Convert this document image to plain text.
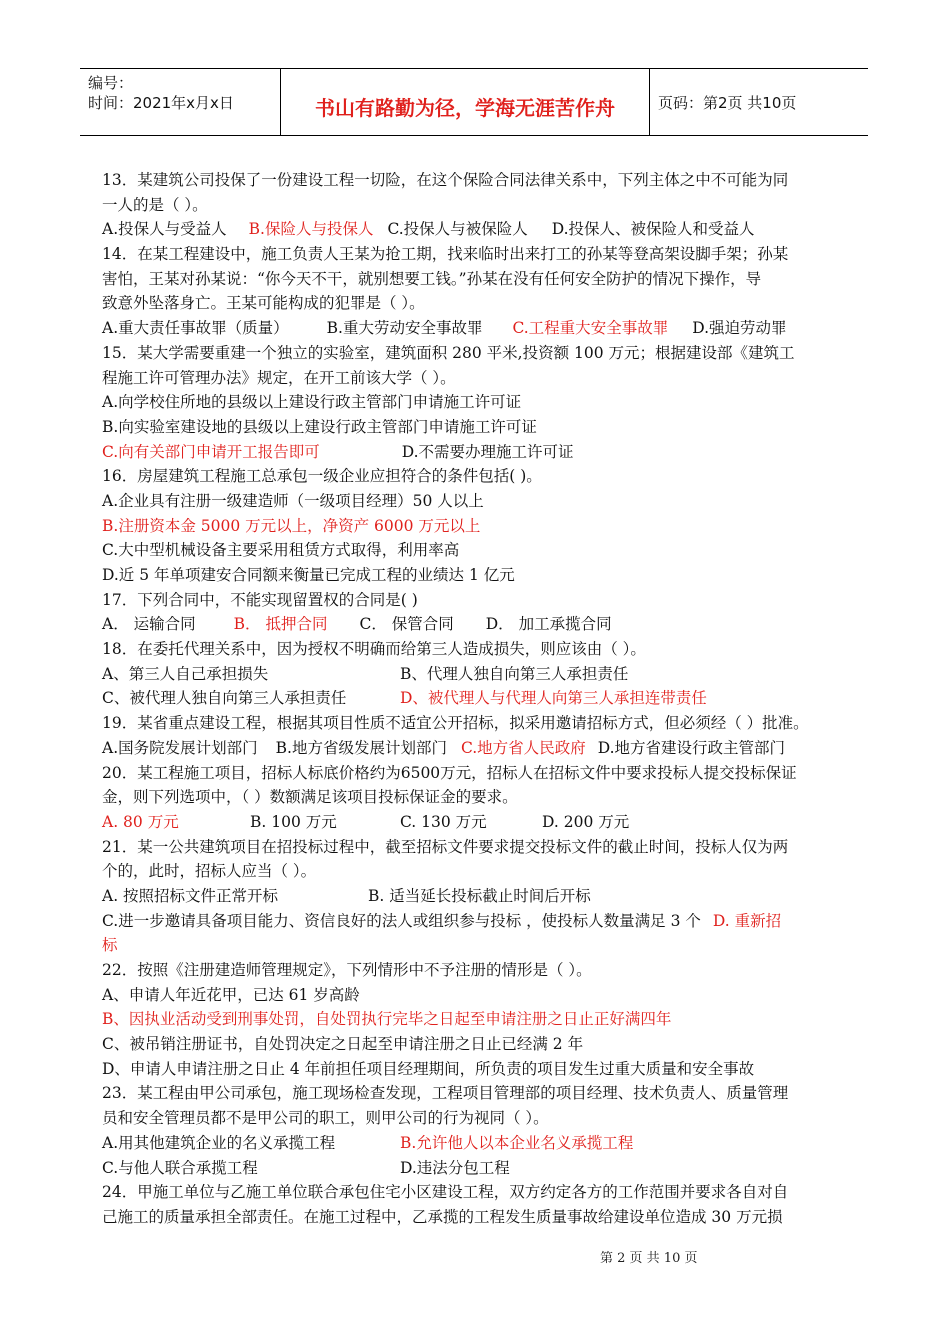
编号：
时间：2021年x月x日	书山有路勤为径，学海无涯苦作舟	页码：第2页 共10页
13．某建筑公司投保了一份建设工程一切险，在这个保险合同法律关系中，下列主体之中不可能为同
一人的是（ ）。
A.投保人与受益人 B.保险人与投保人 C.投保人与被保险人 D.投保人、被保险人和受益人
14．在某工程建设中，施工负责人王某为抢工期，找来临时出来打工的孙某等登高架设脚手架；孙某
害怕，王某对孙某说：“你今天不干，就别想要工钱。”孙某在没有任何安全防护的情况下操作，导
致意外坠落身亡。王某可能构成的犯罪是（ ）。
A.重大责任事故罪（质量） B.重大劳动安全事故罪 C.工程重大安全事故罪 D.强迫劳动罪
15．某大学需要重建一个独立的实验室，建筑面积 280 平米,投资额 100 万元；根据建设部《建筑工
程施工许可管理办法》规定，在开工前该大学（ ）。
A.向学校住所地的县级以上建设行政主管部门申请施工许可证
B.向实验室建设地的县级以上建设行政主管部门申请施工许可证
C.向有关部门申请开工报告即可	D.不需要办理施工许可证
16．房屋建筑工程施工总承包一级企业应担符合的条件包括( )。
A.企业具有注册一级建造师（一级项目经理）50 人以上
B.注册资本金 5000 万元以上，净资产 6000 万元以上
C.大中型机械设备主要采用租赁方式取得，利用率高
D.近 5 年单项建安合同额来衡量已完成工程的业绩达 1 亿元
17．下列合同中，不能实现留置权的合同是( )
A． 运输合同 B． 抵押合同 C． 保管合同 D． 加工承揽合同
18．在委托代理关系中，因为授权不明确而给第三人造成损失，则应该由（ ）。
A、第三人自己承担损失	B、代理人独自向第三人承担责任
C、被代理人独自向第三人承担责任	D、被代理人与代理人向第三人承担连带责任
19．某省重点建设工程，根据其项目性质不适宜公开招标，拟采用邀请招标方式，但必须经（ ）批准。
A.国务院发展计划部门 B.地方省级发展计划部门 C.地方省人民政府 D.地方省建设行政主管部门
20．某工程施工项目，招标人标底价格约为6500万元，招标人在招标文件中要求投标人提交投标保证
金，则下列选项中，（ ）数额满足该项目投标保证金的要求。
A. 80 万元	B. 100 万元	C. 130 万元	D. 200 万元
21．某一公共建筑项目在招投标过程中，截至招标文件要求提交投标文件的截止时间，投标人仅为两
个的，此时，招标人应当（ ）。
A. 按照招标文件正常开标	B. 适当延长投标截止时间后开标
C.进一步邀请具备项目能力、资信良好的法人或组织参与投标 ，使投标人数量满足 3 个 D. 重新招
标
22．按照《注册建造师管理规定》，下列情形中不予注册的情形是（ ）。
A、申请人年近花甲，已达 61 岁高龄
B、因执业活动受到刑事处罚，自处罚执行完毕之日起至申请注册之日止正好满四年
C、被吊销注册证书，自处罚决定之日起至申请注册之日止已经满 2 年
D、申请人申请注册之日止 4 年前担任项目经理期间，所负责的项目发生过重大质量和安全事故
23．某工程由甲公司承包，施工现场检查发现，工程项目管理部的项目经理、技术负责人、质量管理
员和安全管理员都不是甲公司的职工，则甲公司的行为视同（ ）。
A.用其他建筑企业的名义承揽工程	B.允许他人以本企业名义承揽工程
C.与他人联合承揽工程	D.违法分包工程
24．甲施工单位与乙施工单位联合承包住宅小区建设工程，双方约定各方的工作范围并要求各自对自
己施工的质量承担全部责任。在施工过程中，乙承揽的工程发生质量事故给建设单位造成 30 万元损
第 2 页 共 10 页
